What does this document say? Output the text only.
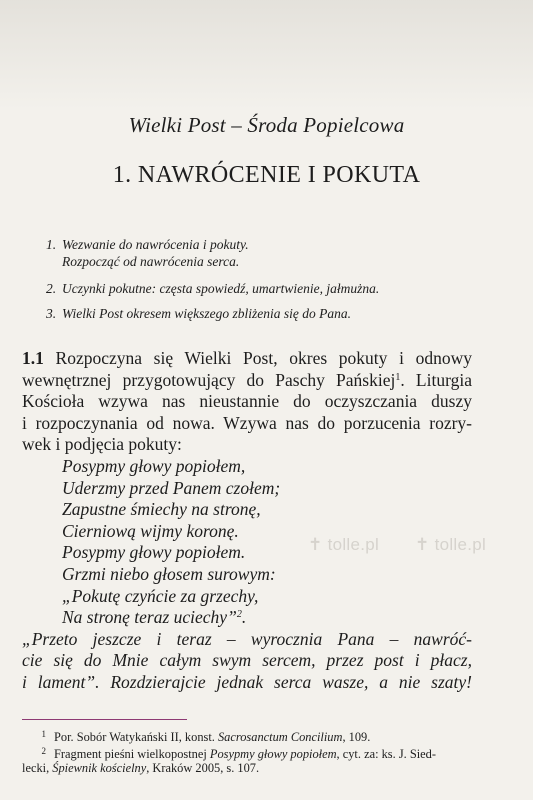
Wielki Post – Środa Popielcowa
1. NAWRÓCENIE I POKUTA
1. Wezwanie do nawrócenia i pokuty.
Rozpocząć od nawrócenia serca.
2. Uczynki pokutne: częsta spowiedź, umartwienie, jałmużna.
3. Wielki Post okresem większego zbliżenia się do Pana.
1.1 Rozpoczyna się Wielki Post, okres pokuty i odnowy
wewnętrznej przygotowujący do Paschy Pańskiej$^1$. Liturgia
Kościoła wzywa nas nieustannie do oczyszczania duszy
i rozpoczynania od nowa. Wzywa nas do porzucenia rozry-
wek i podjęcia pokuty:
Posypmy głowy popiołem,
Uderzmy przed Panem czołem;
Zapustne śmiechy na stronę,
Cierniową wijmy koronę.
Posypmy głowy popiołem.
Grzmi niebo głosem surowym:
„Pokutę czyńcie za grzechy,
Na stronę teraz uciechy”$^2$.
„Przeto jeszcze i teraz – wyrocznia Pana – nawróć-
cie się do Mnie całym swym sercem, przez post i płacz,
i lament”. Rozdzierajcie jednak serca wasze, a nie szaty!
✝ tolle.pl ✝ tolle.pl
1 Por. Sobór Watykański II, konst. Sacrosanctum Concilium, 109.
2 Fragment pieśni wielkopostnej Posypmy głowy popiołem, cyt. za: ks. J. Sied-
lecki, Śpiewnik kościelny, Kraków 2005, s. 107.
